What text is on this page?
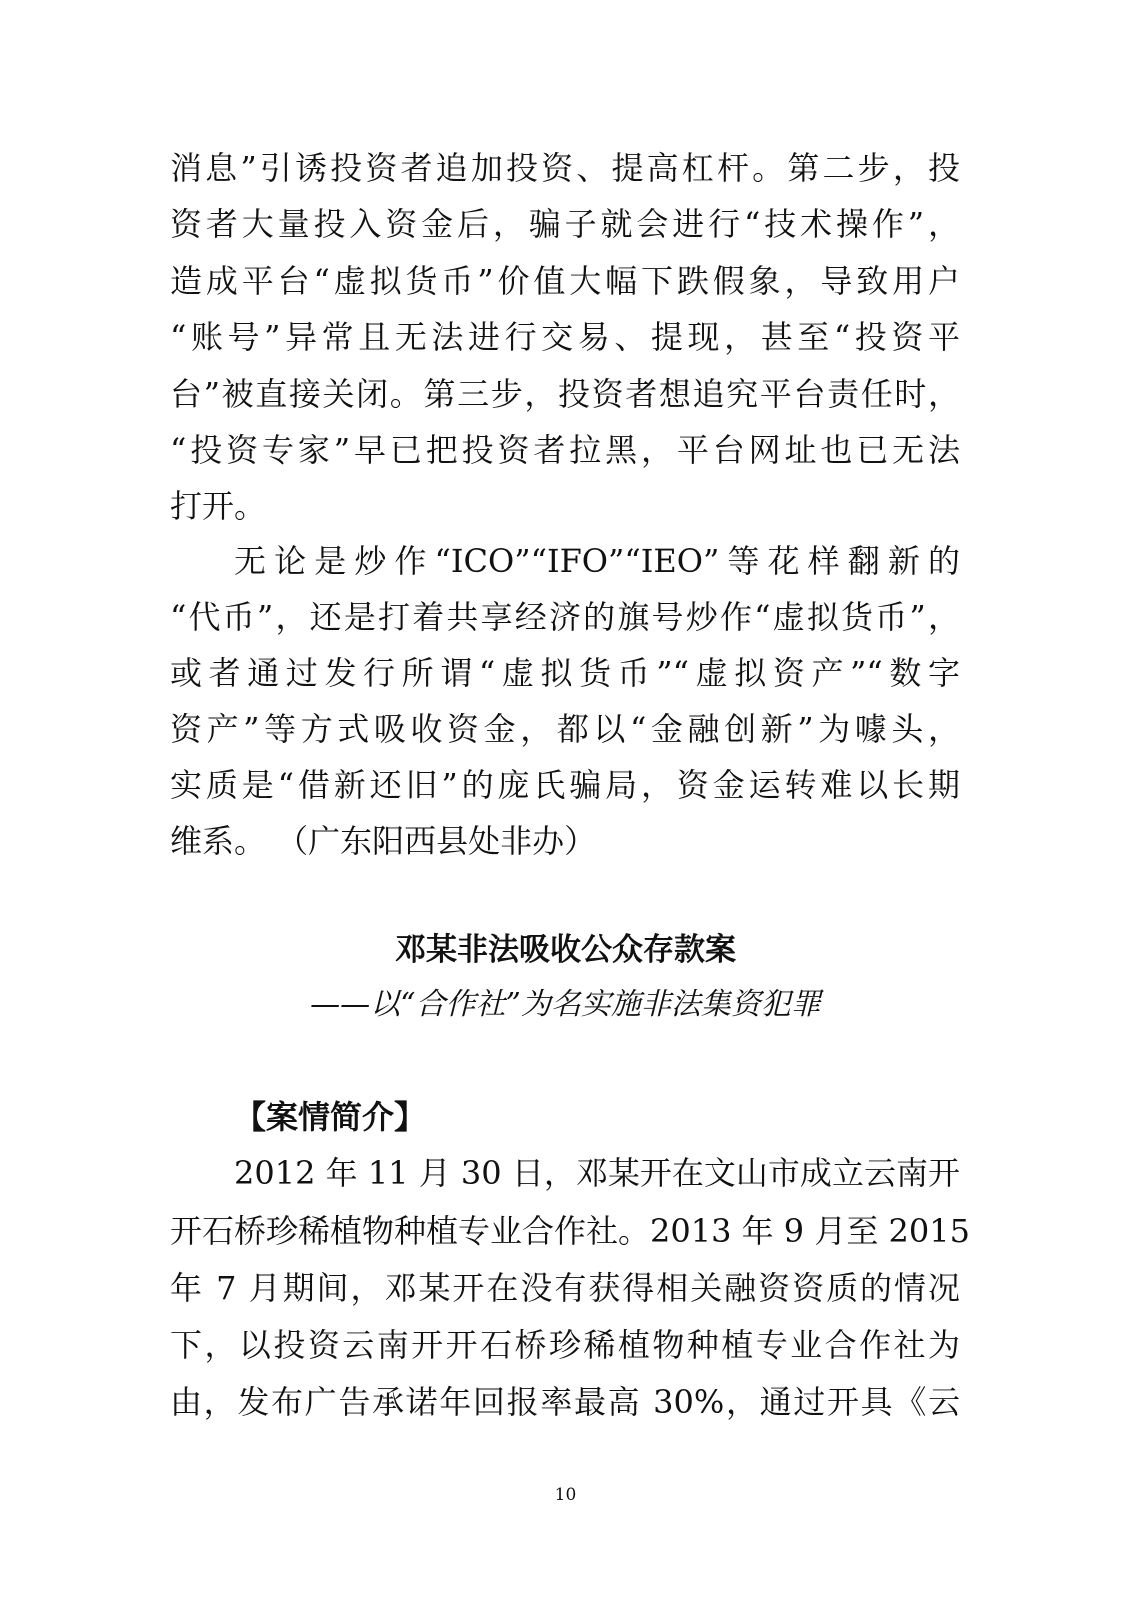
消息”引诱投资者追加投资、提高杠杆。第二步，投
资者大量投入资金后，骗子就会进行“技术操作”，
造成平台“虚拟货币”价值大幅下跌假象，导致用户
“账号”异常且无法进行交易、提现，甚至“投资平
台”被直接关闭。第三步，投资者想追究平台责任时，
“投资专家”早已把投资者拉黑，平台网址也已无法
打开。
无论是炒作“ICO”“IFO”“IEO”等花样翻新的
“代币”，还是打着共享经济的旗号炒作“虚拟货币”，
或者通过发行所谓“虚拟货币”“虚拟资产”“数字
资产”等方式吸收资金，都以“金融创新”为噱头，
实质是“借新还旧”的庞氏骗局，资金运转难以长期
维系。 （广东阳西县处非办）
邓某非法吸收公众存款案
——以“合作社”为名实施非法集资犯罪
【案情简介】
2012 年 11 月 30 日，邓某开在文山市成立云南开
开石桥珍稀植物种植专业合作社。2013 年 9 月至 2015
年 7 月期间，邓某开在没有获得相关融资资质的情况
下，以投资云南开开石桥珍稀植物种植专业合作社为
由，发布广告承诺年回报率最高 30%，通过开具《云
10
